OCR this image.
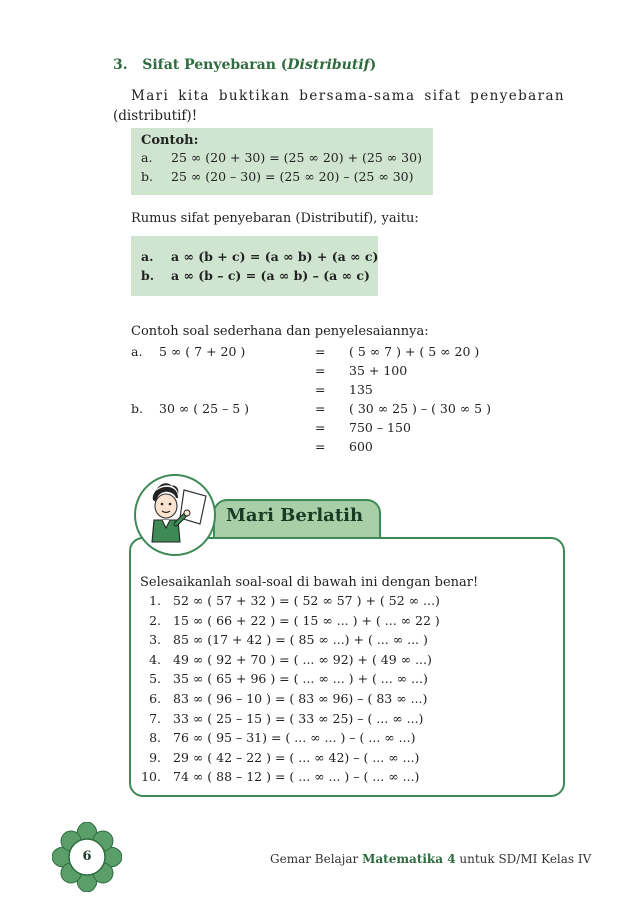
3. Sifat Penyebaran (Distributif)
Mari kita buktikan bersama-sama sifat penyebaran
(distributif)!
Contoh:
a. 25 ∞ (20 + 30) = (25 ∞ 20) + (25 ∞ 30)
b. 25 ∞ (20 – 30) = (25 ∞ 20) – (25 ∞ 30)
Rumus sifat penyebaran (Distributif), yaitu:
a. a ∞ (b + c) = (a ∞ b) + (a ∞ c)
b. a ∞ (b – c) = (a ∞ b) – (a ∞ c)
Contoh soal sederhana dan penyelesaiannya:
a.	5 ∞ ( 7 + 20 )	=	( 5 ∞ 7 ) + ( 5 ∞ 20 )
		=	35 + 100
		=	135
b.	30 ∞ ( 25 – 5 )	=	( 30 ∞ 25 ) – ( 30 ∞ 5 )
		=	750 – 150
		=	600
Mari Berlatih
Selesaikanlah soal-soal di bawah ini dengan benar!
1. 52 ∞ ( 57 + 32 ) = ( 52 ∞ 57 ) + ( 52 ∞ ...)
2. 15 ∞ ( 66 + 22 ) = ( 15 ∞ ... ) + ( ... ∞ 22 )
3. 85 ∞ (17 + 42 ) = ( 85 ∞ ...) + ( ... ∞ ... )
4. 49 ∞ ( 92 + 70 ) = ( ... ∞ 92) + ( 49 ∞ ...)
5. 35 ∞ ( 65 + 96 ) = ( ... ∞ ... ) + ( ... ∞ ...)
6. 83 ∞ ( 96 – 10 ) = ( 83 ∞ 96) – ( 83 ∞ ...)
7. 33 ∞ ( 25 – 15 ) = ( 33 ∞ 25) – ( ... ∞ ...)
8. 76 ∞ ( 95 – 31) = ( ... ∞ ... ) – ( ... ∞ ...)
9. 29 ∞ ( 42 – 22 ) = ( ... ∞ 42) – ( ... ∞ ...)
10. 74 ∞ ( 88 – 12 ) = ( ... ∞ ... ) – ( ... ∞ ...)
6	Gemar Belajar Matematika 4 untuk SD/MI Kelas IV
